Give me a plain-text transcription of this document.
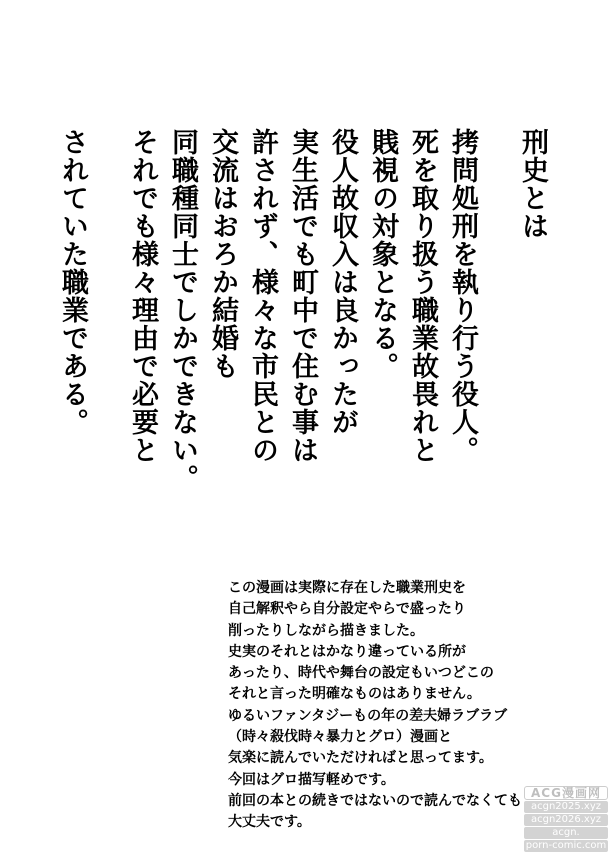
刑史とは
拷問処刑を執り行う役人。
死を取り扱う職業故畏れと
賎視の対象となる。
役人故収入は良かったが
実生活でも町中で住む事は
許されず、様々な市民との
交流はおろか結婚も
同職種同士でしかできない。
それでも様々理由で必要と
されていた職業である。
この漫画は実際に存在した職業刑史を
自己解釈やら自分設定やらで盛ったり
削ったりしながら描きました。
史実のそれとはかなり違っている所が
あったり、時代や舞台の設定もいつどこの
それと言った明確なものはありません。
ゆるいファンタジーもの年の差夫婦ラブラブ
（時々殺伐時々暴力とグロ）漫画と
気楽に読んでいただければと思ってます。
今回はグロ描写軽めです。
前回の本との続きではないので読んでなくても
大丈夫です。
ACG漫画网
acgn2025.xyz
acgn2026.xyz
acgn.
porn-comic.com
